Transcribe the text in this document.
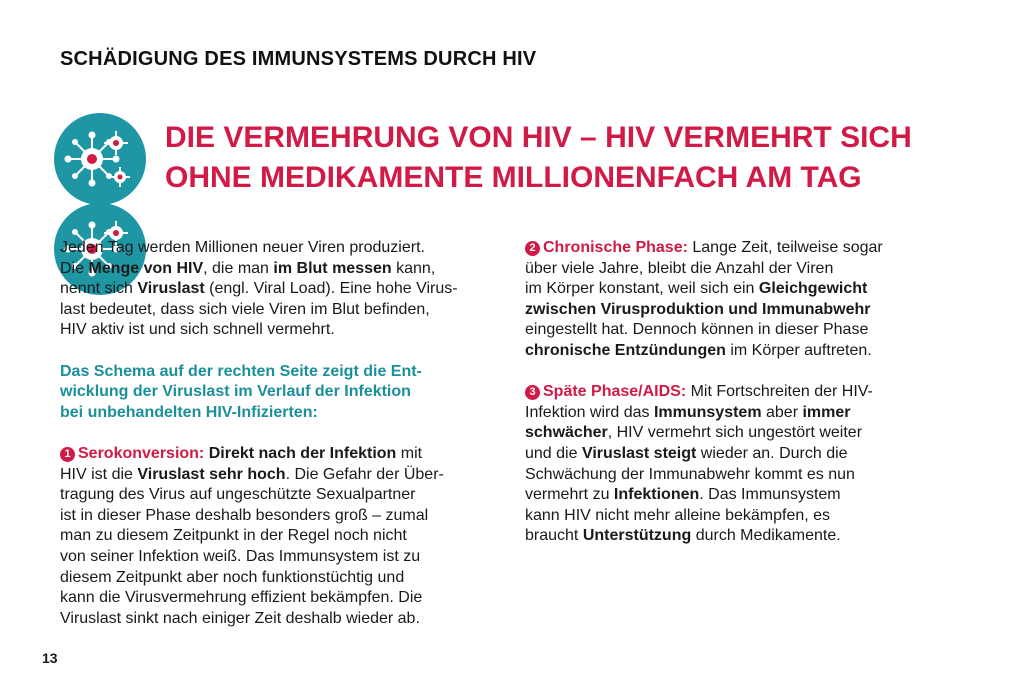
SCHÄDIGUNG DES IMMUNSYSTEMS DURCH HIV
DIE VERMEHRUNG VON HIV – HIV VERMEHRT SICH
OHNE MEDIKAMENTE MILLIONENFACH AM TAG

Jeden Tag werden Millionen neuer Viren produziert.
Die Menge von HIV, die man im Blut messen kann,
nennt sich Viruslast (engl. Viral Load). Eine hohe Virus-
last bedeutet, dass sich viele Viren im Blut befinden,
HIV aktiv ist und sich schnell vermehrt.

Das Schema auf der rechten Seite zeigt die Ent-
wicklung der Viruslast im Verlauf der Infektion
bei unbehandelten HIV-Infizierten:

1 Serokonversion: Direkt nach der Infektion mit
HIV ist die Viruslast sehr hoch. Die Gefahr der Über-
tragung des Virus auf ungeschützte Sexualpartner
ist in dieser Phase deshalb besonders groß – zumal
man zu diesem Zeitpunkt in der Regel noch nicht
von seiner Infektion weiß. Das Immunsystem ist zu
diesem Zeitpunkt aber noch funktionstüchtig und
kann die Virusvermehrung effizient bekämpfen. Die
Viruslast sinkt nach einiger Zeit deshalb wieder ab.

2 Chronische Phase: Lange Zeit, teilweise sogar
über viele Jahre, bleibt die Anzahl der Viren
im Körper konstant, weil sich ein Gleichgewicht
zwischen Virusproduktion und Immunabwehr
eingestellt hat. Dennoch können in dieser Phase
chronische Entzündungen im Körper auftreten.

3 Späte Phase/AIDS: Mit Fortschreiten der HIV-
Infektion wird das Immunsystem aber immer
schwächer, HIV vermehrt sich ungestört weiter
und die Viruslast steigt wieder an. Durch die
Schwächung der Immunabwehr kommt es nun
vermehrt zu Infektionen. Das Immunsystem
kann HIV nicht mehr alleine bekämpfen, es
braucht Unterstützung durch Medikamente.

13
